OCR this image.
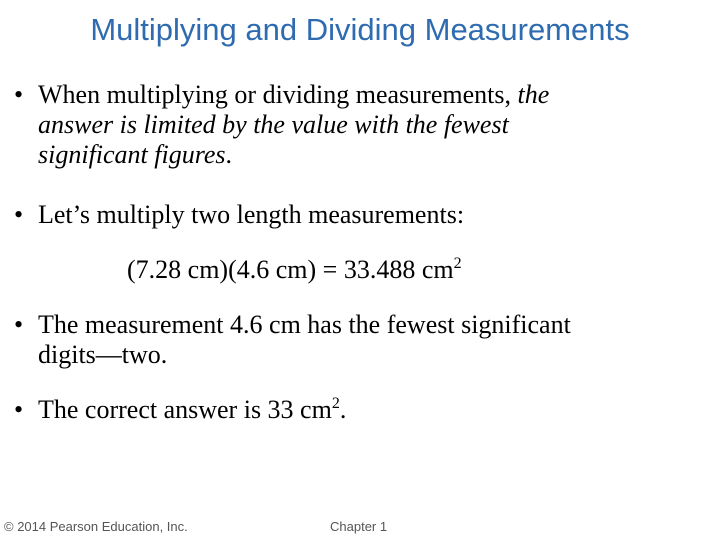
Multiplying and Dividing Measurements
• When multiplying or dividing measurements, the
answer is limited by the value with the fewest
significant figures.
• Let’s multiply two length measurements:
(7.28 cm)(4.6 cm) = 33.488 $cm^2$
• The measurement 4.6 cm has the fewest significant
digits—two.
• The correct answer is 33 $cm^2$.
© 2014 Pearson Education, Inc.	Chapter 1
